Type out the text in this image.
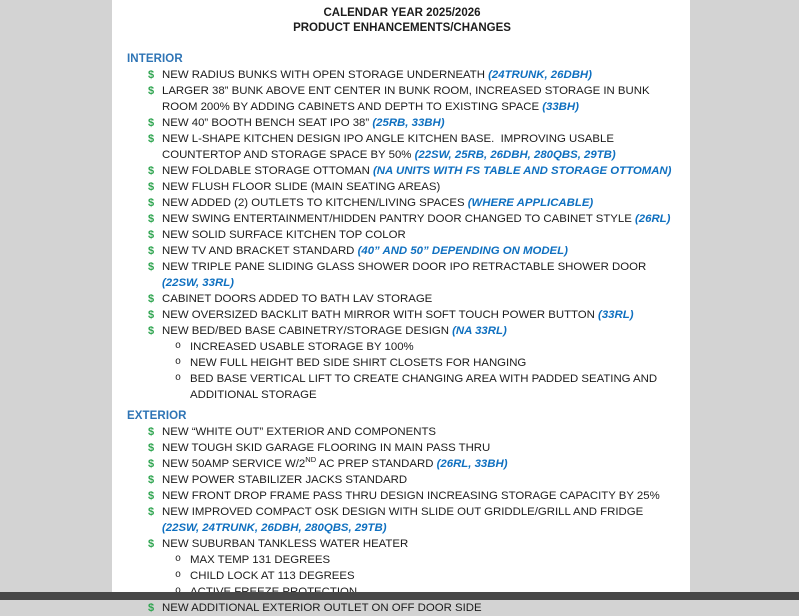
CALENDAR YEAR 2025/2026
PRODUCT ENHANCEMENTS/CHANGES
INTERIOR
$ NEW RADIUS BUNKS WITH OPEN STORAGE UNDERNEATH (24TRUNK, 26DBH)
$ LARGER 38” BUNK ABOVE ENT CENTER IN BUNK ROOM, INCREASED STORAGE IN BUNK ROOM 200% BY ADDING CABINETS AND DEPTH TO EXISTING SPACE (33BH)
$ NEW 40” BOOTH BENCH SEAT IPO 38” (25RB, 33BH)
$ NEW L-SHAPE KITCHEN DESIGN IPO ANGLE KITCHEN BASE.  IMPROVING USABLE COUNTERTOP AND STORAGE SPACE BY 50% (22SW, 25RB, 26DBH, 280QBS, 29TB)
$ NEW FOLDABLE STORAGE OTTOMAN (NA UNITS WITH FS TABLE AND STORAGE OTTOMAN)
$ NEW FLUSH FLOOR SLIDE (MAIN SEATING AREAS)
$ NEW ADDED (2) OUTLETS TO KITCHEN/LIVING SPACES (WHERE APPLICABLE)
$ NEW SWING ENTERTAINMENT/HIDDEN PANTRY DOOR CHANGED TO CABINET STYLE (26RL)
$ NEW SOLID SURFACE KITCHEN TOP COLOR
$ NEW TV AND BRACKET STANDARD (40” AND 50” DEPENDING ON MODEL)
$ NEW TRIPLE PANE SLIDING GLASS SHOWER DOOR IPO RETRACTABLE SHOWER DOOR (22SW, 33RL)
$ CABINET DOORS ADDED TO BATH LAV STORAGE
$ NEW OVERSIZED BACKLIT BATH MIRROR WITH SOFT TOUCH POWER BUTTON (33RL)
$ NEW BED/BED BASE CABINETRY/STORAGE DESIGN (NA 33RL)
o INCREASED USABLE STORAGE BY 100%
o NEW FULL HEIGHT BED SIDE SHIRT CLOSETS FOR HANGING
o BED BASE VERTICAL LIFT TO CREATE CHANGING AREA WITH PADDED SEATING AND ADDITIONAL STORAGE
EXTERIOR
$ NEW “WHITE OUT” EXTERIOR AND COMPONENTS
$ NEW TOUGH SKID GARAGE FLOORING IN MAIN PASS THRU
$ NEW 50AMP SERVICE W/2ND AC PREP STANDARD (26RL, 33BH)
$ NEW POWER STABILIZER JACKS STANDARD
$ NEW FRONT DROP FRAME PASS THRU DESIGN INCREASING STORAGE CAPACITY BY 25%
$ NEW IMPROVED COMPACT OSK DESIGN WITH SLIDE OUT GRIDDLE/GRILL AND FRIDGE (22SW, 24TRUNK, 26DBH, 280QBS, 29TB)
$ NEW SUBURBAN TANKLESS WATER HEATER
o MAX TEMP 131 DEGREES
o CHILD LOCK AT 113 DEGREES
$ NEW ADDITIONAL EXTERIOR OUTLET ON OFF DOOR SIDE
